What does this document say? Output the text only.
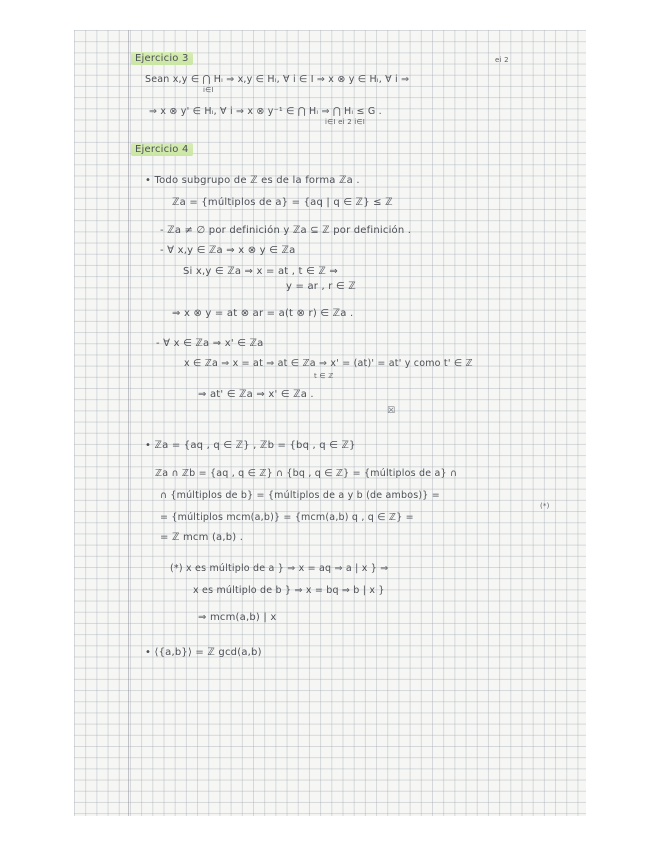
Ejercicio 3	ei 2

Sean x,y ∈ ⋂ Hᵢ ⇒ x,y ∈ Hᵢ, ∀ i ∈ I ⇒ x ⊗ y ∈ Hᵢ, ∀ i ⇒

i∈I

⇒ x ⊗ y' ∈ Hᵢ, ∀ i ⇒ x ⊗ y⁻¹ ∈ ⋂ Hᵢ ⇒ ⋂ Hᵢ ≤ G .

i∈I ei 2 i∈I

Ejercicio 4

• Todo subgrupo de ℤ es de la forma ℤa .

ℤa = {múltiplos de a} = {aq | q ∈ ℤ} ≤ ℤ

- ℤa ≠ ∅ por definición y ℤa ⊆ ℤ por definición .

- ∀ x,y ∈ ℤa ⇒ x ⊗ y ∈ ℤa

Si x,y ∈ ℤa ⇒ x = at , t ∈ ℤ ⇒

y = ar , r ∈ ℤ

⇒ x ⊗ y = at ⊗ ar = a(t ⊗ r) ∈ ℤa .

- ∀ x ∈ ℤa ⇒ x' ∈ ℤa

x ∈ ℤa ⇒ x = at ⇒ at ∈ ℤa ⇒ x' = (at)' = at' y como t' ∈ ℤ

t ∈ ℤ

⇒ at' ∈ ℤa ⇒ x' ∈ ℤa .

☒

• ℤa = {aq , q ∈ ℤ} , ℤb = {bq , q ∈ ℤ}

ℤa ∩ ℤb = {aq , q ∈ ℤ} ∩ {bq , q ∈ ℤ} = {múltiplos de a} ∩

∩ {múltiplos de b} = {múltiplos de a y b (de ambos)} =

(*)

= {múltiplos mcm(a,b)} = {mcm(a,b) q , q ∈ ℤ} =

= ℤ mcm (a,b) .

(*) x es múltiplo de a } ⇒ x = aq ⇒ a | x } ⇒

x es múltiplo de b } ⇒ x = bq ⇒ b | x }

⇒ mcm(a,b) | x

• ⟨{a,b}⟩ = ℤ gcd(a,b)
